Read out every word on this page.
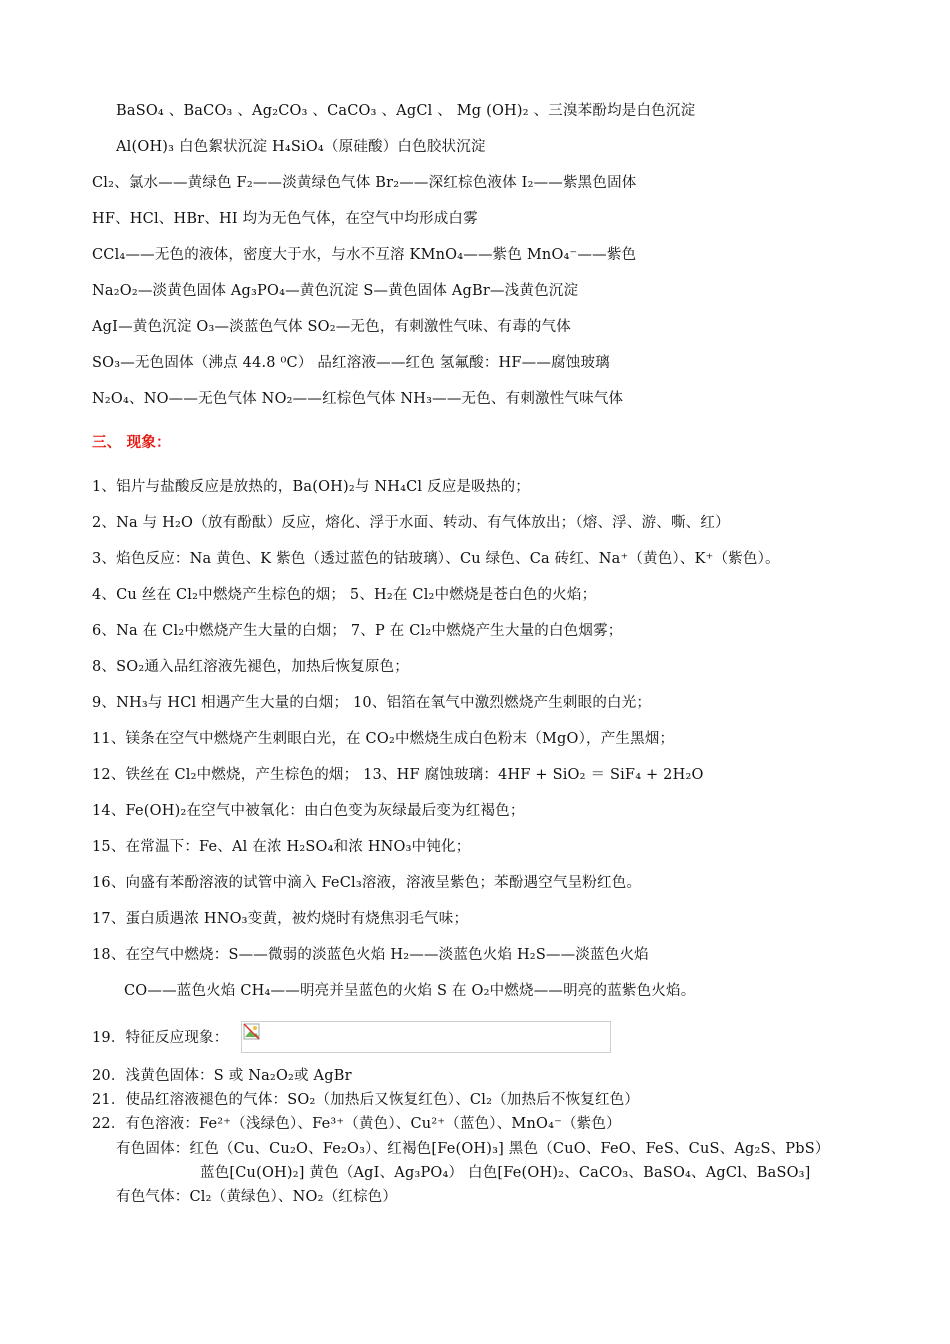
BaSO₄ 、BaCO₃ 、Ag₂CO₃ 、CaCO₃ 、AgCl 、 Mg (OH)₂ 、三溴苯酚均是白色沉淀
Al(OH)₃ 白色絮状沉淀 H₄SiO₄（原硅酸）白色胶状沉淀
Cl₂、氯水——黄绿色 F₂——淡黄绿色气体 Br₂——深红棕色液体 I₂——紫黑色固体
HF、HCl、HBr、HI 均为无色气体，在空气中均形成白雾
CCl₄——无色的液体，密度大于水，与水不互溶 KMnO₄——紫色 MnO₄⁻——紫色
Na₂O₂—淡黄色固体 Ag₃PO₄—黄色沉淀 S—黄色固体 AgBr—浅黄色沉淀
AgI—黄色沉淀 O₃—淡蓝色气体 SO₂—无色，有刺激性气味、有毒的气体
SO₃—无色固体（沸点 44.8 ⁰C） 品红溶液——红色 氢氟酸：HF——腐蚀玻璃
N₂O₄、NO——无色气体 NO₂——红棕色气体 NH₃——无色、有刺激性气味气体
三、 现象：
1、铝片与盐酸反应是放热的，Ba(OH)₂与 NH₄Cl 反应是吸热的；
2、Na 与 H₂O（放有酚酞）反应，熔化、浮于水面、转动、有气体放出；（熔、浮、游、嘶、红）
3、焰色反应：Na 黄色、K 紫色（透过蓝色的钴玻璃）、Cu 绿色、Ca 砖红、Na⁺（黄色）、K⁺（紫色）。
4、Cu 丝在 Cl₂中燃烧产生棕色的烟； 5、H₂在 Cl₂中燃烧是苍白色的火焰；
6、Na 在 Cl₂中燃烧产生大量的白烟； 7、P 在 Cl₂中燃烧产生大量的白色烟雾；
8、SO₂通入品红溶液先褪色，加热后恢复原色；
9、NH₃与 HCl 相遇产生大量的白烟； 10、铝箔在氧气中激烈燃烧产生刺眼的白光；
11、镁条在空气中燃烧产生刺眼白光，在 CO₂中燃烧生成白色粉末（MgO），产生黑烟；
12、铁丝在 Cl₂中燃烧，产生棕色的烟； 13、HF 腐蚀玻璃：4HF + SiO₂ ＝ SiF₄ + 2H₂O
14、Fe(OH)₂在空气中被氧化：由白色变为灰绿最后变为红褐色；
15、在常温下：Fe、Al 在浓 H₂SO₄和浓 HNO₃中钝化；
16、向盛有苯酚溶液的试管中滴入 FeCl₃溶液，溶液呈紫色；苯酚遇空气呈粉红色。
17、蛋白质遇浓 HNO₃变黄，被灼烧时有烧焦羽毛气味；
18、在空气中燃烧：S——微弱的淡蓝色火焰 H₂——淡蓝色火焰 H₂S——淡蓝色火焰
CO——蓝色火焰 CH₄——明亮并呈蓝色的火焰 S 在 O₂中燃烧——明亮的蓝紫色火焰。
19．特征反应现象：
20．浅黄色固体：S 或 Na₂O₂或 AgBr
21．使品红溶液褪色的气体：SO₂（加热后又恢复红色）、Cl₂（加热后不恢复红色）
22．有色溶液：Fe²⁺（浅绿色）、Fe³⁺（黄色）、Cu²⁺（蓝色）、MnO₄⁻（紫色）
有色固体：红色（Cu、Cu₂O、Fe₂O₃）、红褐色[Fe(OH)₃] 黑色（CuO、FeO、FeS、CuS、Ag₂S、PbS）
蓝色[Cu(OH)₂] 黄色（AgI、Ag₃PO₄） 白色[Fe(OH)₂、CaCO₃、BaSO₄、AgCl、BaSO₃]
有色气体：Cl₂（黄绿色）、NO₂（红棕色）
